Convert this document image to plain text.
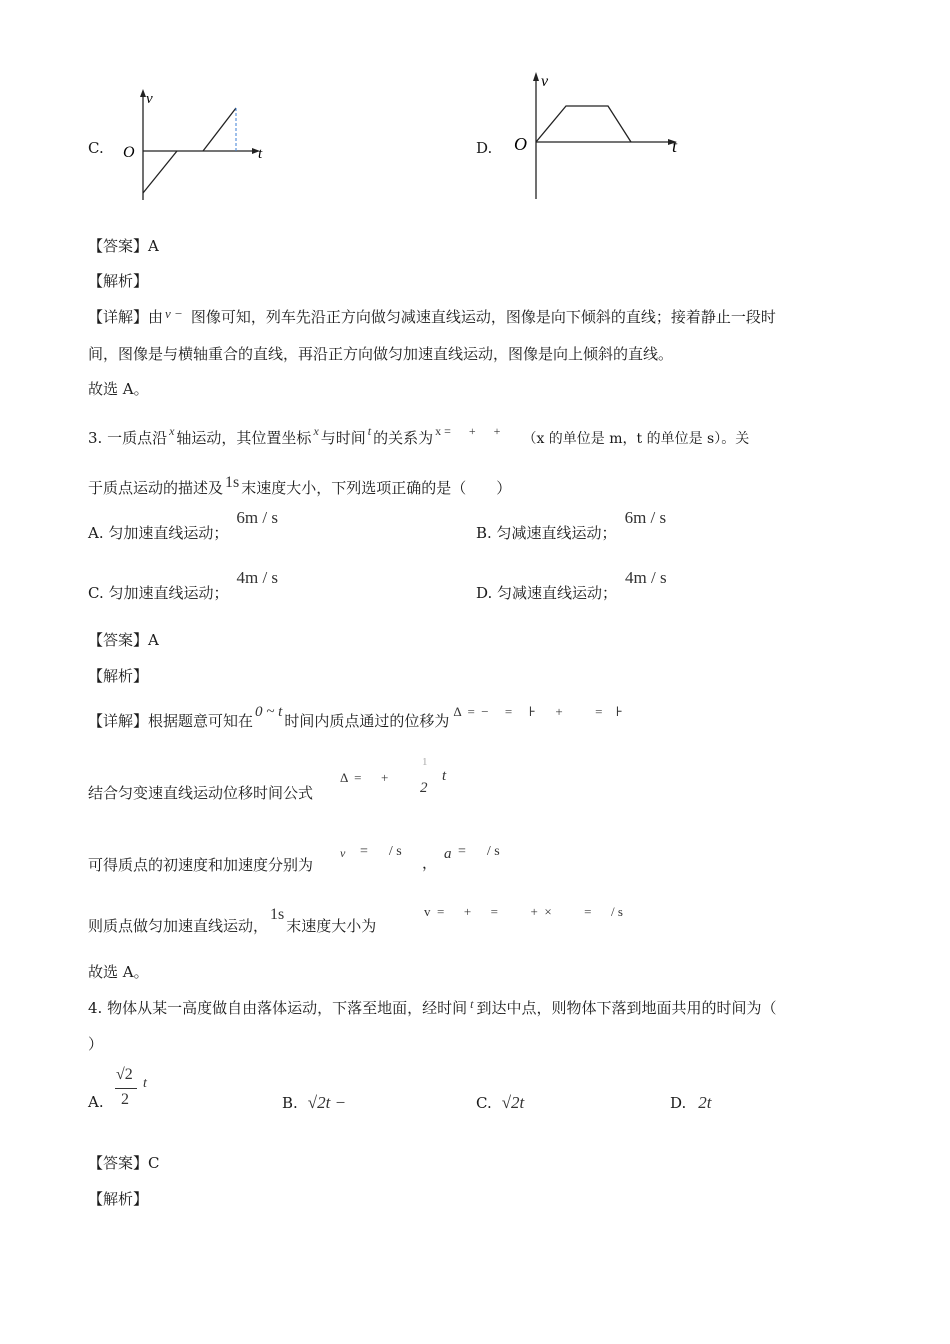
C.
v
O	t	D.
v
O	t
【答案】A
【解析】
【详解】由 v − 图像可知，列车先沿正方向做匀减速直线运动，图像是向下倾斜的直线；接着静止一段时
间，图像是与横轴重合的直线，再沿正方向做匀加速直线运动，图像是向上倾斜的直线。
故选 A。
3. 一质点沿 $^x$ 轴运动，其位置坐标 $^x$ 与时间 $^t$ 的关系为 $^{x = + +}$ （x 的单位是 m，t 的单位是 s）。关
于质点运动的描述及 1s 末速度大小，下列选项正确的是（　　）
A. 匀加速直线运动；6m / s
B. 匀减速直线运动；6m / s
C. 匀加速直线运动；4m / s
D. 匀减速直线运动；4m / s
【答案】A
【解析】
【详解】根据题意可知在 0 ~ t 时间内质点通过的位移为Δ  =  −     =     ⊦      +          =    ⊦
结合匀变速直线运动位移时间公式
Δ  =      +
1
2
t
可得质点的初速度和加速度分别为
v =      / s
， a =      / s
则质点做匀加速直线运动，1s末速度大小为
v  =      +      =          +  ×          =      / s
故选 A。
4. 物体从某一高度做自由落体运动，下落至地面，经时间 $^t$ 到达中点，则物体下落到地面共用的时间为（
）
A.
√2
2
t
B. √2t −	C. √2t	D. 2t
【答案】C
【解析】
